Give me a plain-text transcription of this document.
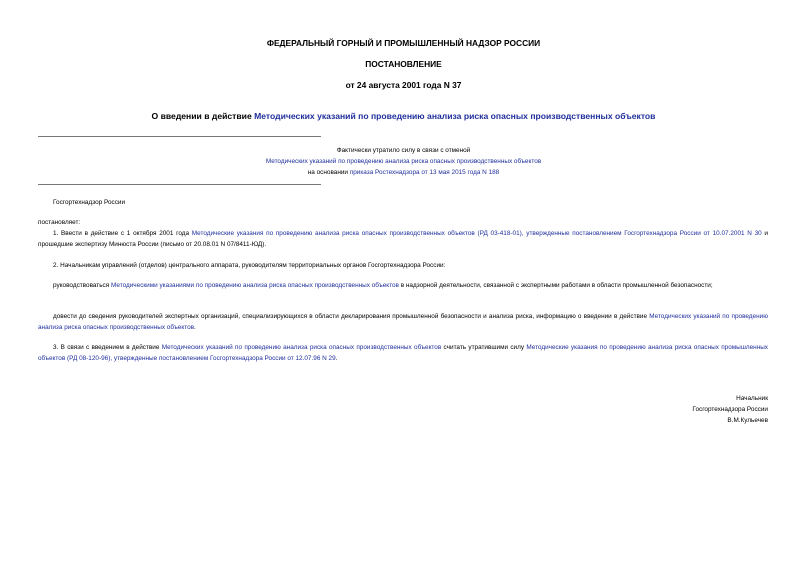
ФЕДЕРАЛЬНЫЙ ГОРНЫЙ И ПРОМЫШЛЕННЫЙ НАДЗОР РОССИИ
ПОСТАНОВЛЕНИЕ
от 24 августа 2001 года N 37
О введении в действие Методических указаний по проведению анализа риска опасных производственных объектов
Фактически утратило силу в связи с отменой
Методических указаний по проведению анализа риска опасных производственных объектов
на основании приказа Ростехнадзора от 13 мая 2015 года N 188
Госгортехнадзор России
постановляет:
1. Ввести в действие с 1 октября 2001 года Методические указания по проведению анализа риска опасных производственных объектов (РД 03-418-01), утвержденные постановлением Госгортехнадзора России от 10.07.2001 N 30 и прошедшие экспертизу Минюста России (письмо от 20.08.01 N 07/8411-ЮД).
2. Начальникам управлений (отделов) центрального аппарата, руководителям территориальных органов Госгортехнадзора России:
руководствоваться Методическими указаниями по проведению анализа риска опасных производственных объектов в надзорной деятельности, связанной с экспертными работами в области промышленной безопасности;
довести до сведения руководителей экспертных организаций, специализирующихся в области декларирования промышленной безопасности и анализа риска, информацию о введении в действие Методических указаний по проведению анализа риска опасных производственных объектов.
3. В связи с введением в действие Методических указаний по проведению анализа риска опасных производственных объектов считать утратившими силу Методические указания по проведению анализа риска опасных промышленных объектов (РД 08-120-96), утвержденные постановлением Госгортехнадзора России от 12.07.96 N 29.
Начальник
Госгортехнадзора России
В.М.Кульечев
